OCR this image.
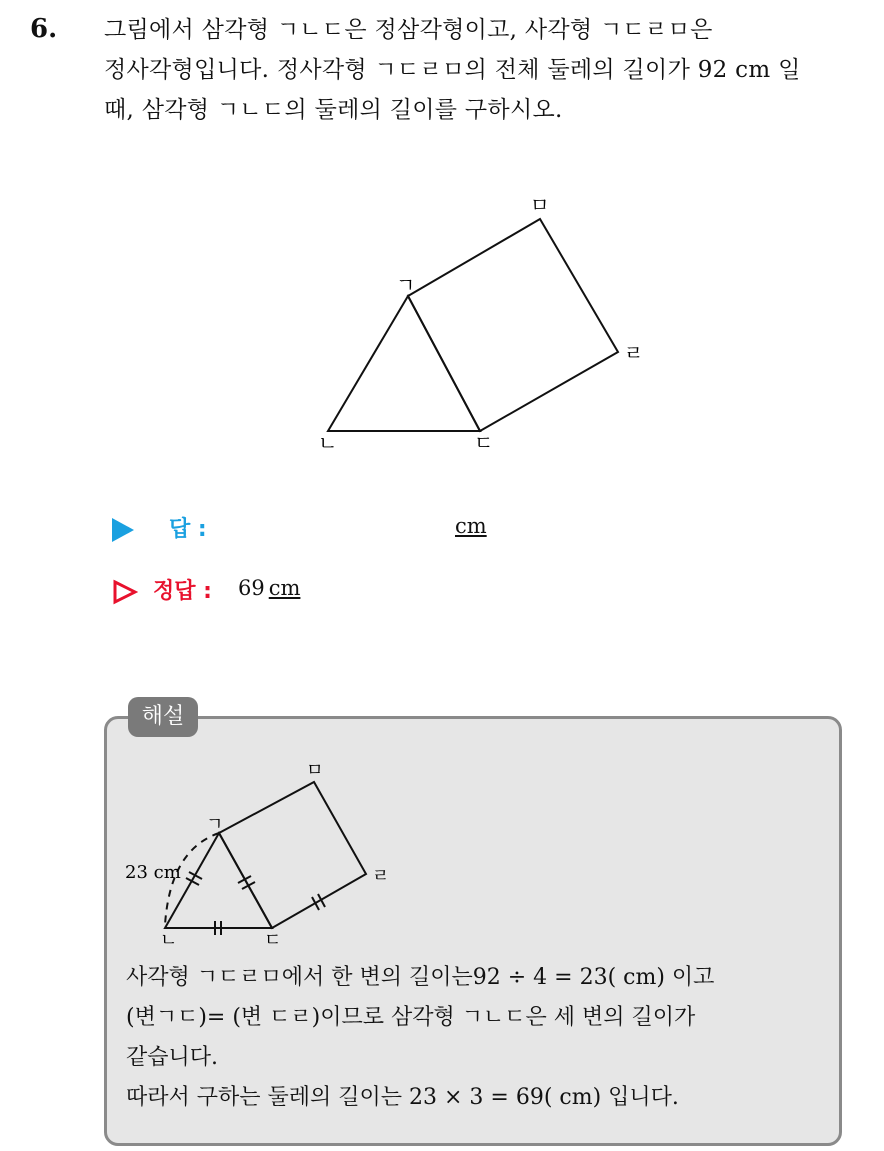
6. 그림에서 삼각형 ㄱㄴㄷ은 정삼각형이고, 사각형 ㄱㄷㄹㅁ은

정사각형입니다. 정사각형 ㄱㄷㄹㅁ의 전체 둘레의 길이가 92 cm 일

때, 삼각형 ㄱㄴㄷ의 둘레의 길이를 구하시오.

ㄱ
ㄴ	ㄷ
ㄹ
ㅁ
답 :	cm
정답 : 69 cm
해설
ㄱ
ㄴ	ㄷ
ㄹ
ㅁ
23 cm

사각형 ㄱㄷㄹㅁ에서 한 변의 길이는92 ÷ 4 = 23( cm) 이고

(변ㄱㄷ)= (변 ㄷㄹ)이므로 삼각형 ㄱㄴㄷ은 세 변의 길이가

같습니다.

따라서 구하는 둘레의 길이는 23 × 3 = 69( cm) 입니다.
